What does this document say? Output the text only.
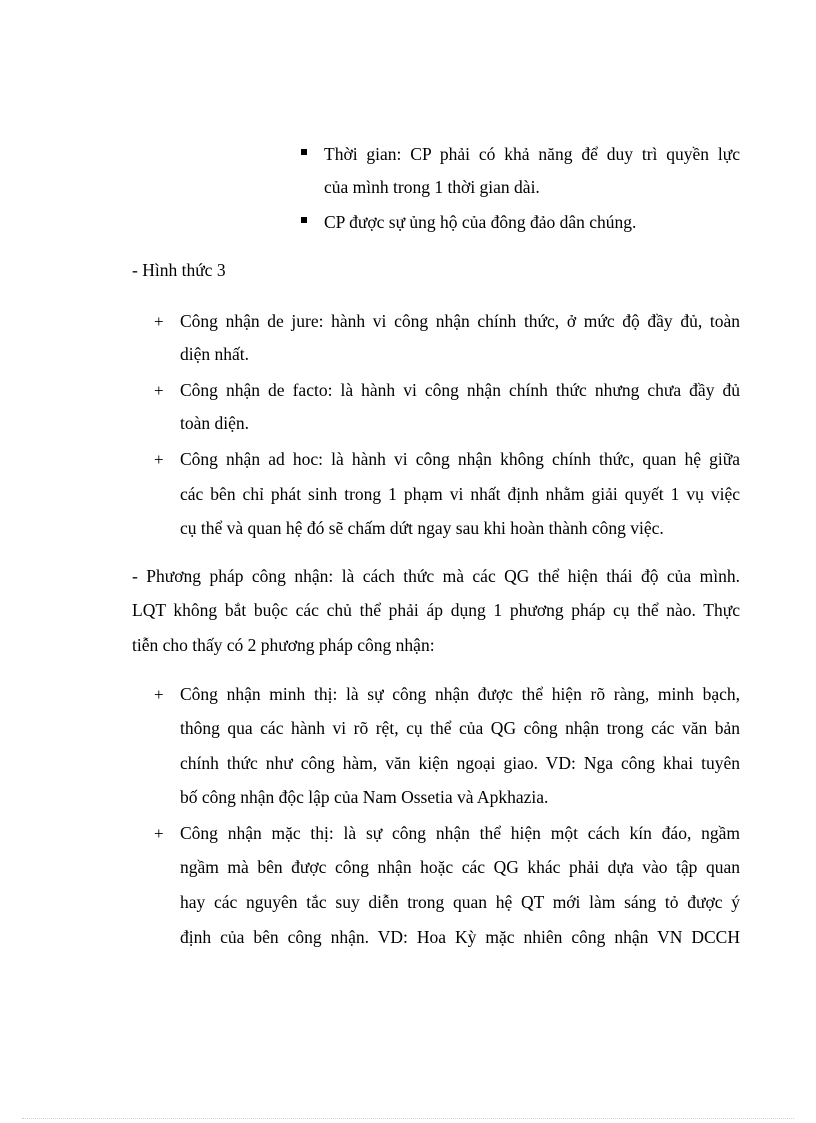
Thời gian: CP phải có khả năng để duy trì quyền lực
của mình trong 1 thời gian dài.
CP được sự ủng hộ của đông đảo dân chúng.
- Hình thức 3
+ Công nhận de jure: hành vi công nhận chính thức, ở mức độ đầy đủ, toàn
diện nhất.
+ Công nhận de facto: là hành vi công nhận chính thức nhưng chưa đầy đủ
toàn diện.
+ Công nhận ad hoc: là hành vi công nhận không chính thức, quan hệ giữa
các bên chỉ phát sinh trong 1 phạm vi nhất định nhằm giải quyết 1 vụ việc
cụ thể và quan hệ đó sẽ chấm dứt ngay sau khi hoàn thành công việc.
- Phương pháp công nhận: là cách thức mà các QG thể hiện thái độ của mình.
LQT không bắt buộc các chủ thể phải áp dụng 1 phương pháp cụ thể nào. Thực
tiễn cho thấy có 2 phương pháp công nhận:
+ Công nhận minh thị: là sự công nhận được thể hiện rõ ràng, minh bạch,
thông qua các hành vi rõ rệt, cụ thể của QG công nhận trong các văn bản
chính thức như công hàm, văn kiện ngoại giao. VD: Nga công khai tuyên
bố công nhận độc lập của Nam Ossetia và Apkhazia.
+ Công nhận mặc thị: là sự công nhận thể hiện một cách kín đáo, ngầm
ngầm mà bên được công nhận hoặc các QG khác phải dựa vào tập quan
hay các nguyên tắc suy diễn trong quan hệ QT mới làm sáng tỏ được ý
định của bên công nhận. VD: Hoa Kỳ mặc nhiên công nhận VN DCCH
